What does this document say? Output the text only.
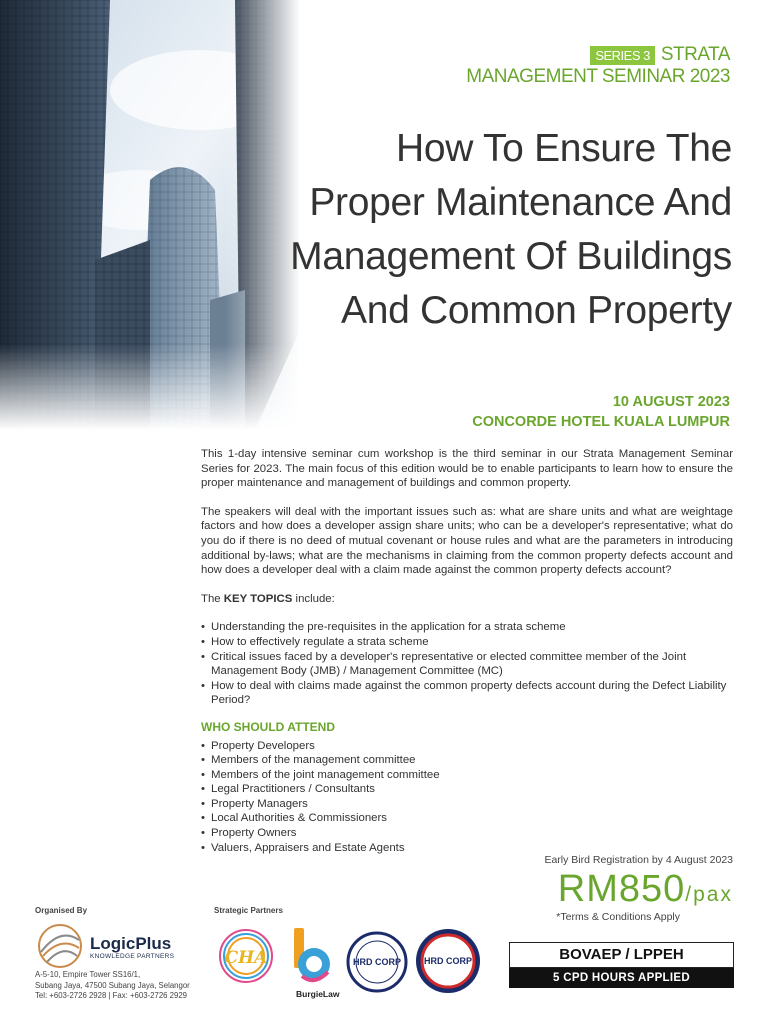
SERIES 3 STRATA
MANAGEMENT SEMINAR 2023
How To Ensure The Proper Maintenance And Management Of Buildings And Common Property
10 AUGUST 2023
CONCORDE HOTEL KUALA LUMPUR

This 1-day intensive seminar cum workshop is the third seminar in our Strata Management Seminar Series for 2023. The main focus of this edition would be to enable participants to learn how to ensure the proper maintenance and management of buildings and common property.

The speakers will deal with the important issues such as: what are share units and what are weightage factors and how does a developer assign share units; who can be a developer's representative; what do you do if there is no deed of mutual covenant or house rules and what are the parameters in introducing additional by-laws; what are the mechanisms in claiming from the common property defects account and how does a developer deal with a claim made against the common property defects account?

The KEY TOPICS include:

• Understanding the pre-requisites in the application for a strata scheme
• How to effectively regulate a strata scheme
• Critical issues faced by a developer's representative or elected committee member of the Joint Management Body (JMB) / Management Committee (MC)
• How to deal with claims made against the common property defects account during the Defect Liability Period?
WHO SHOULD ATTEND
• Property Developers
• Members of the management committee
• Members of the joint management committee
• Legal Practitioners / Consultants
• Property Managers
• Local Authorities & Commissioners
• Property Owners
• Valuers, Appraisers and Estate Agents
Early Bird Registration by 4 August 2023
RM850 /pax
*Terms & Conditions Apply
BOVAEP / LPPEH
5 CPD HOURS APPLIED
Organised By
LogicPlus
KNOWLEDGE PARTNERS
A-5-10, Empire Tower SS16/1,
Subang Jaya, 47500 Subang Jaya, Selangor
Tel: +603-2726 2928 | Fax: +603-2726 2929
Strategic Partners
CHA
BurgieLaw
HRD CORP	HRD CORP
